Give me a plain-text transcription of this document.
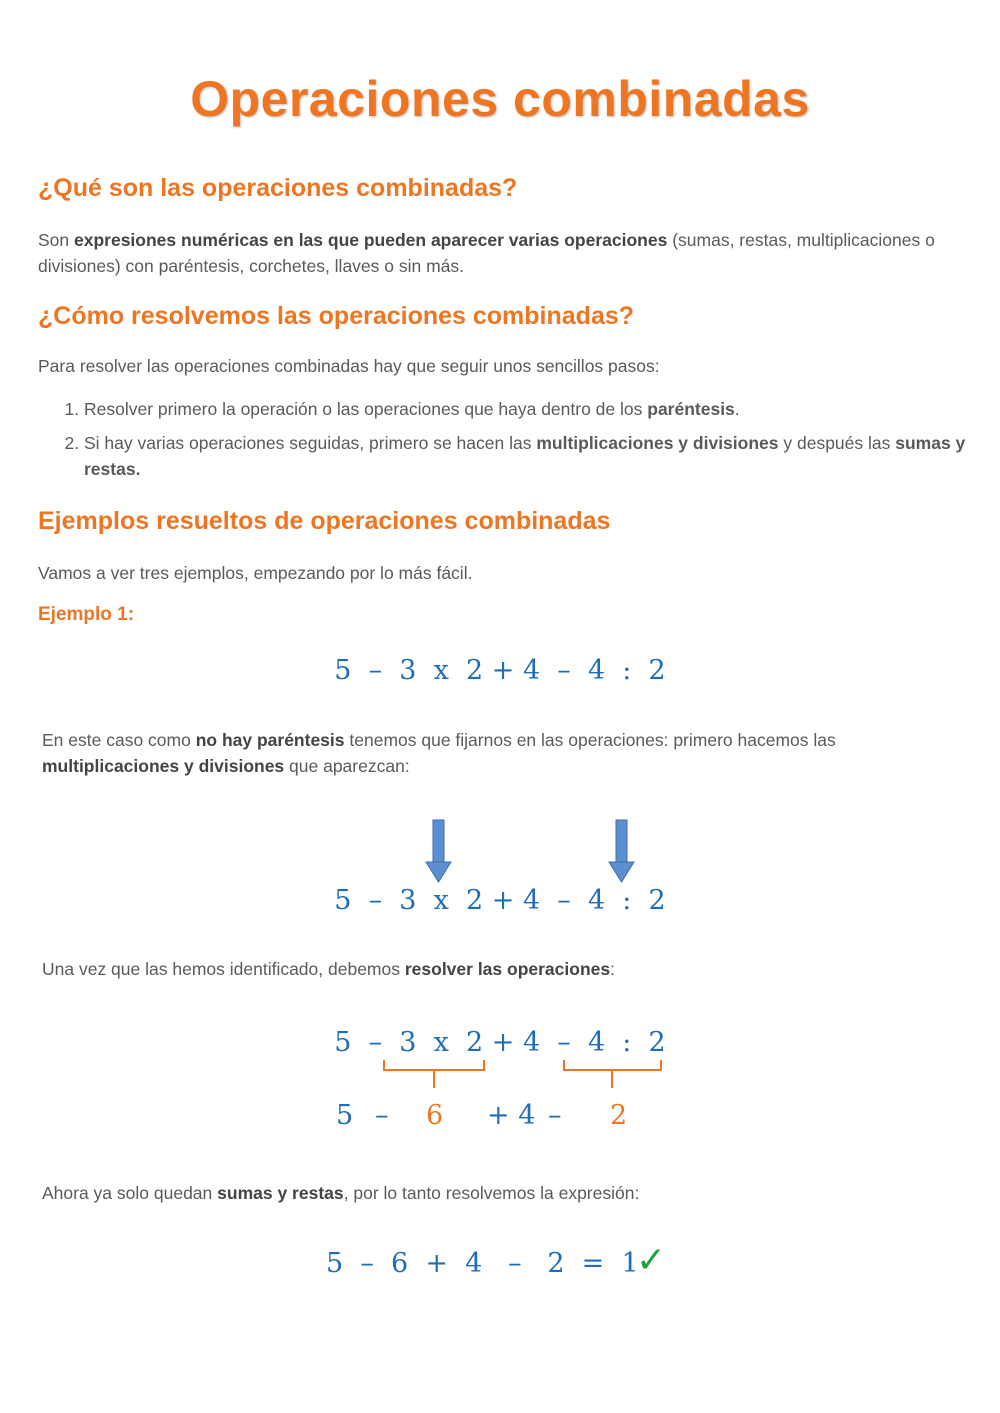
Operaciones combinadas
¿Qué son las operaciones combinadas?
Son expresiones numéricas en las que pueden aparecer varias operaciones (sumas, restas, multiplicaciones o divisiones) con paréntesis, corchetes, llaves o sin más.
¿Cómo resolvemos las operaciones combinadas?
Para resolver las operaciones combinadas hay que seguir unos sencillos pasos:
1. Resolver primero la operación o las operaciones que haya dentro de los paréntesis.
2. Si hay varias operaciones seguidas, primero se hacen las multiplicaciones y divisiones y después las sumas y restas.
Ejemplos resueltos de operaciones combinadas
Vamos a ver tres ejemplos, empezando por lo más fácil.
Ejemplo 1:
5  –  3  x  2 + 4  –  4  :  2
En este caso como no hay paréntesis tenemos que fijarnos en las operaciones: primero hacemos las multiplicaciones y divisiones que aparezcan:
5  –  3  x  2 + 4  –  4  :  2
Una vez que las hemos identificado, debemos resolver las operaciones:
5  –  3  x  2 + 4  –  4  :  2
5 – 6 + 4 – 2
Ahora ya solo quedan sumas y restas, por lo tanto resolvemos la expresión:
5  –  6  +  4   –   2  =  1
✓
